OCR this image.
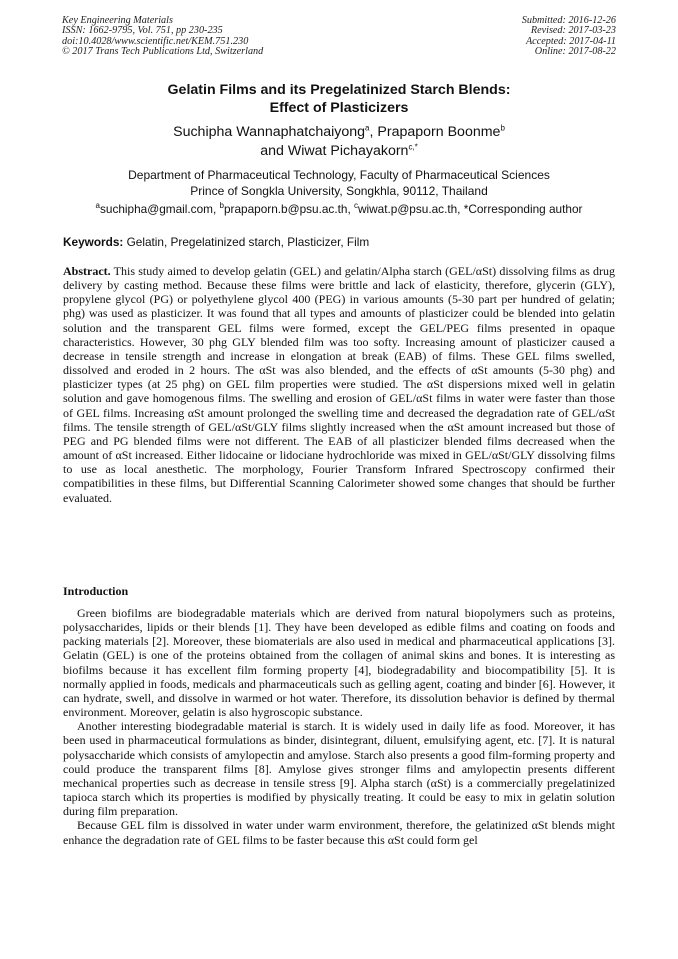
Key Engineering Materials
ISSN: 1662-9795, Vol. 751, pp 230-235
doi:10.4028/www.scientific.net/KEM.751.230
© 2017 Trans Tech Publications Ltd, Switzerland
Submitted: 2016-12-26
Revised: 2017-03-23
Accepted: 2017-04-11
Online: 2017-08-22
Gelatin Films and its Pregelatinized Starch Blends:
Effect of Plasticizers
Suchipha Wannaphatchaiyong$^a$, Prapaporn Boonme$^b$
and Wiwat Pichayakorn$^{c,*}$
Department of Pharmaceutical Technology, Faculty of Pharmaceutical Sciences
Prince of Songkla University, Songkhla, 90112, Thailand
$^a$suchipha@gmail.com, $^b$prapaporn.b@psu.ac.th, $^c$wiwat.p@psu.ac.th, *Corresponding author
Keywords: Gelatin, Pregelatinized starch, Plasticizer, Film
Abstract. This study aimed to develop gelatin (GEL) and gelatin/Alpha starch (GEL/αSt) dissolving films as drug delivery by casting method. Because these films were brittle and lack of elasticity, therefore, glycerin (GLY), propylene glycol (PG) or polyethylene glycol 400 (PEG) in various amounts (5-30 part per hundred of gelatin; phg) was used as plasticizer. It was found that all types and amounts of plasticizer could be blended into gelatin solution and the transparent GEL films were formed, except the GEL/PEG films presented in opaque characteristics. However, 30 phg GLY blended film was too softy. Increasing amount of plasticizer caused a decrease in tensile strength and increase in elongation at break (EAB) of films. These GEL films swelled, dissolved and eroded in 2 hours. The αSt was also blended, and the effects of αSt amounts (5-30 phg) and plasticizer types (at 25 phg) on GEL film properties were studied. The αSt dispersions mixed well in gelatin solution and gave homogenous films. The swelling and erosion of GEL/αSt films in water were faster than those of GEL films. Increasing αSt amount prolonged the swelling time and decreased the degradation rate of GEL/αSt films. The tensile strength of GEL/αSt/GLY films slightly increased when the αSt amount increased but those of PEG and PG blended films were not different. The EAB of all plasticizer blended films decreased when the amount of αSt increased. Either lidocaine or lidociane hydrochloride was mixed in GEL/αSt/GLY dissolving films to use as local anesthetic. The morphology, Fourier Transform Infrared Spectroscopy confirmed their compatibilities in these films, but Differential Scanning Calorimeter showed some changes that should be further evaluated.
Introduction

Green biofilms are biodegradable materials which are derived from natural biopolymers such as proteins, polysaccharides, lipids or their blends [1]. They have been developed as edible films and coating on foods and packing materials [2]. Moreover, these biomaterials are also used in medical and pharmaceutical applications [3]. Gelatin (GEL) is one of the proteins obtained from the collagen of animal skins and bones. It is interesting as biofilms because it has excellent film forming property [4], biodegradability and biocompatibility [5]. It is normally applied in foods, medicals and pharmaceuticals such as gelling agent, coating and binder [6]. However, it can hydrate, swell, and dissolve in warmed or hot water. Therefore, its dissolution behavior is defined by thermal environment. Moreover, gelatin is also hygroscopic substance.

Another interesting biodegradable material is starch. It is widely used in daily life as food. Moreover, it has been used in pharmaceutical formulations as binder, disintegrant, diluent, emulsifying agent, etc. [7]. It is natural polysaccharide which consists of amylopectin and amylose. Starch also presents a good film-forming property and could produce the transparent films [8]. Amylose gives stronger films and amylopectin presents different mechanical properties such as decrease in tensile stress [9]. Alpha starch (αSt) is a commercially pregelatinized tapioca starch which its properties is modified by physically treating. It could be easy to mix in gelatin solution during film preparation.

Because GEL film is dissolved in water under warm environment, therefore, the gelatinized αSt blends might enhance the degradation rate of GEL films to be faster because this αSt could form gel
